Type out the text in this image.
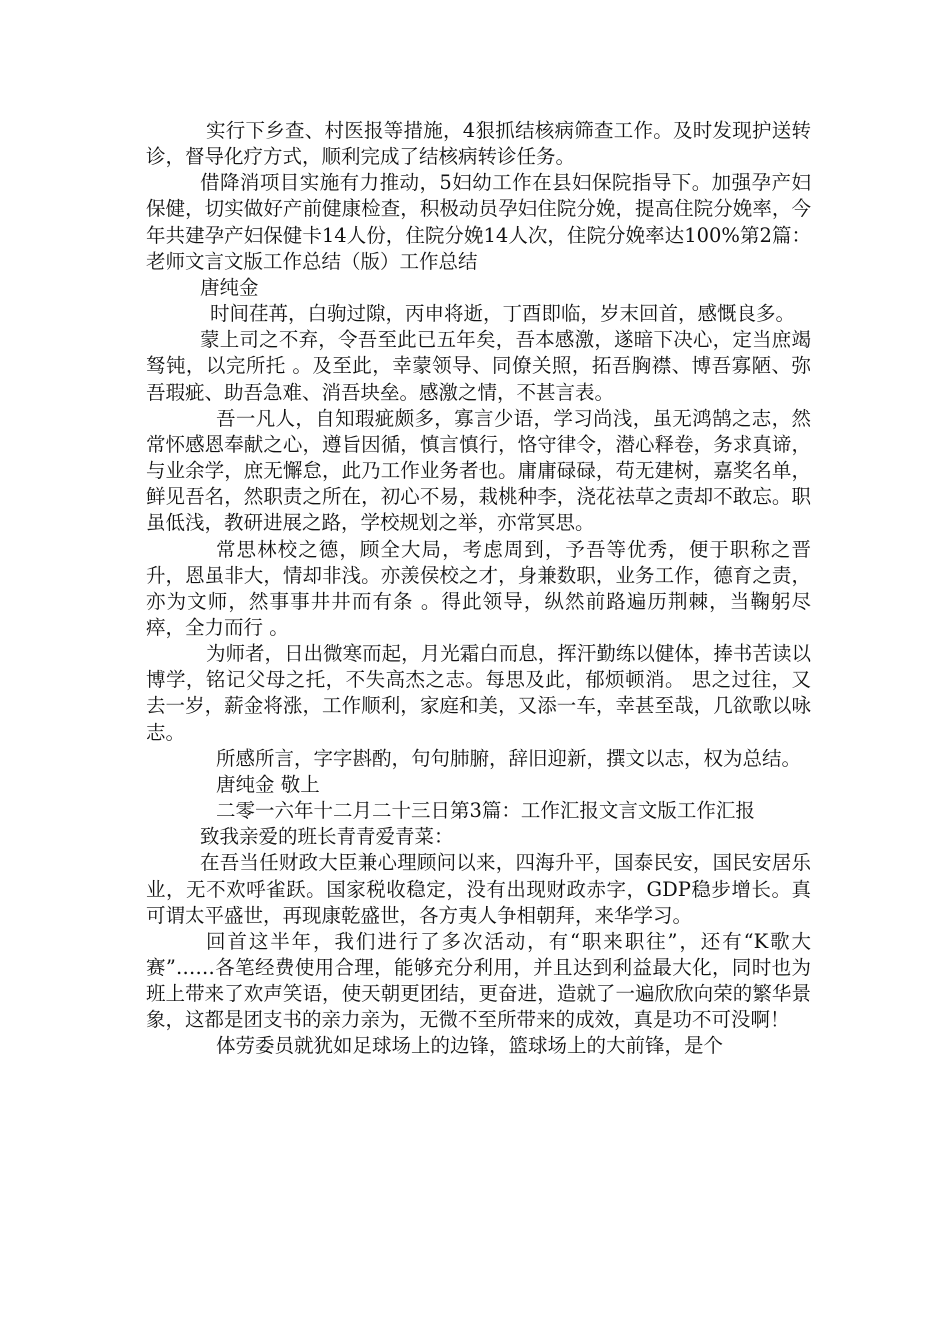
实行下乡查、村医报等措施，4狠抓结核病筛查工作。及时发现护送转诊，督导化疗方式，顺利完成了结核病转诊任务。

借降消项目实施有力推动，5妇幼工作在县妇保院指导下。加强孕产妇保健，切实做好产前健康检查，积极动员孕妇住院分娩，提高住院分娩率，今年共建孕产妇保健卡14人份，住院分娩14人次，住院分娩率达100%第2篇：老师文言文版工作总结（版）工作总结

唐纯金

时间荏苒，白驹过隙，丙申将逝，丁酉即临，岁末回首，感慨良多。

蒙上司之不弃，令吾至此已五年矣，吾本感激，遂暗下决心，定当庶竭驽钝，以完所托 。及至此，幸蒙领导、同僚关照，拓吾胸襟、博吾寡陋、弥吾瑕疵、助吾急难、消吾块垒。感激之情，不甚言表。

吾一凡人，自知瑕疵颇多，寡言少语，学习尚浅，虽无鸿鹄之志，然常怀感恩奉献之心，遵旨因循，慎言慎行，恪守律令，潜心释卷，务求真谛，与业余学，庶无懈怠，此乃工作业务者也。庸庸碌碌，苟无建树，嘉奖名单，鲜见吾名，然职责之所在，初心不易，栽桃种李，浇花祛草之责却不敢忘。职虽低浅，教研进展之路，学校规划之举，亦常冥思。

常思林校之德，顾全大局，考虑周到，予吾等优秀，便于职称之晋升，恩虽非大，情却非浅。亦羡侯校之才，身兼数职，业务工作，德育之责，亦为文师，然事事井井而有条 。得此领导，纵然前路遍历荆棘，当鞠躬尽瘁，全力而行 。

为师者，日出微寒而起，月光霜白而息，挥汗勤练以健体，捧书苦读以博学，铭记父母之托，不失高杰之志。每思及此，郁烦顿消。 思之过往，又去一岁，薪金将涨，工作顺利，家庭和美，又添一车，幸甚至哉，几欲歌以咏志。

所感所言，字字斟酌，句句肺腑，辞旧迎新，撰文以志，权为总结。

唐纯金 敬上

二零一六年十二月二十三日第3篇：工作汇报文言文版工作汇报

致我亲爱的班长青青爱青菜：

在吾当任财政大臣兼心理顾问以来，四海升平，国泰民安，国民安居乐业，无不欢呼雀跃。国家税收稳定，没有出现财政赤字，GDP稳步增长。真可谓太平盛世，再现康乾盛世，各方夷人争相朝拜，来华学习。

回首这半年，我们进行了多次活动，有“职来职往”，还有“K歌大赛”……各笔经费使用合理，能够充分利用，并且达到利益最大化，同时也为班上带来了欢声笑语，使天朝更团结，更奋进，造就了一遍欣欣向荣的繁华景象，这都是团支书的亲力亲为，无微不至所带来的成效，真是功不可没啊！

体劳委员就犹如足球场上的边锋，篮球场上的大前锋，是个
